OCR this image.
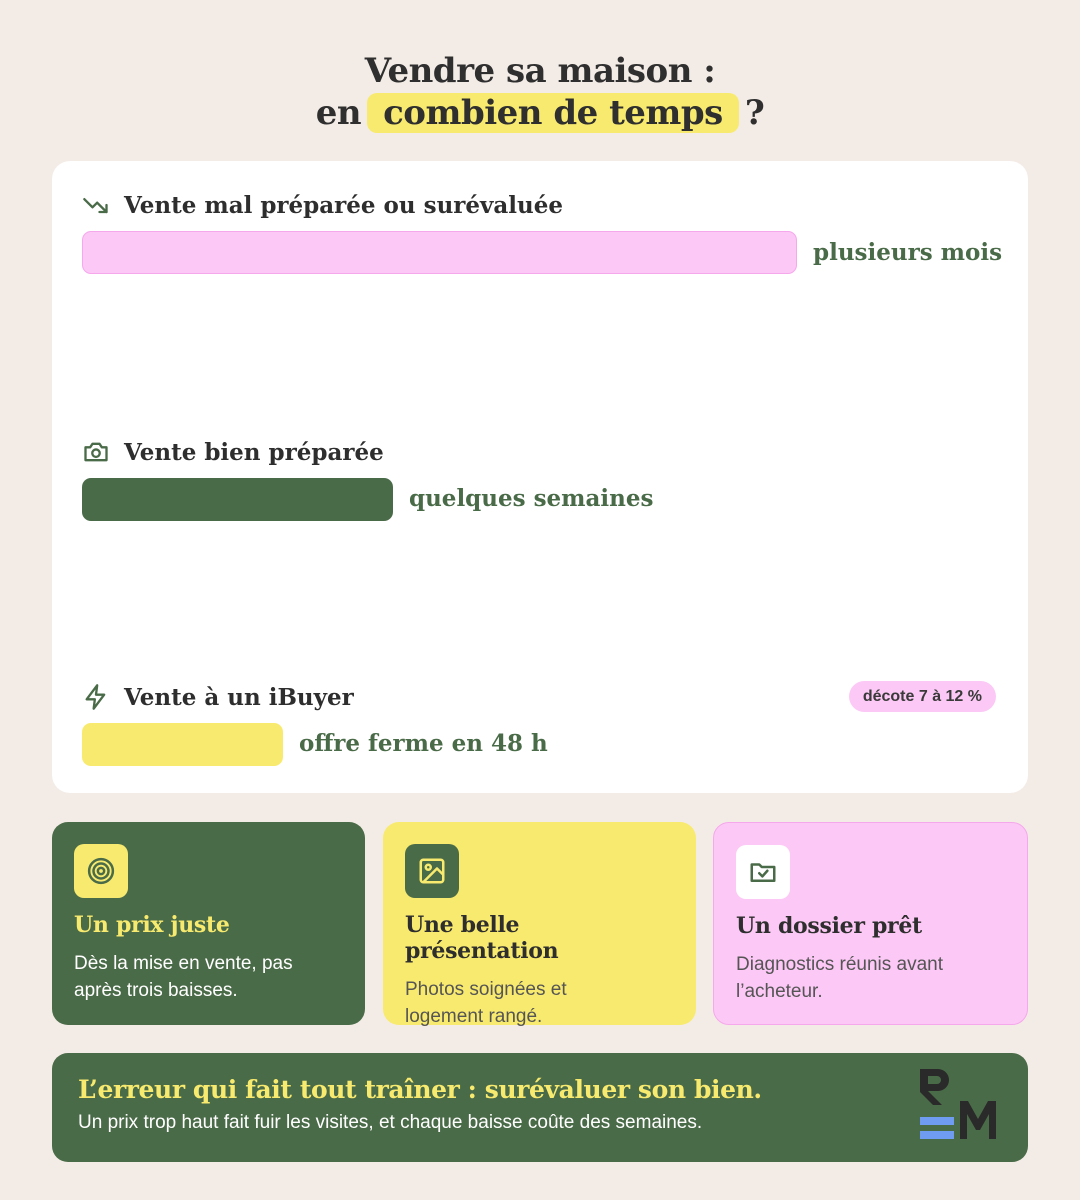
Vendre sa maison :
en combien de temps ?
Vente mal préparée ou surévaluée
plusieurs mois
Vente bien préparée
quelques semaines
Vente à un iBuyer	décote 7 à 12 %
offre ferme en 48 h
Un prix juste
Dès la mise en vente, pas
après trois baisses.
Une belle présentation
Photos soignées et
logement rangé.
Un dossier prêt
Diagnostics réunis avant
l’acheteur.
L’erreur qui fait tout traîner : surévaluer son bien.
Un prix trop haut fait fuir les visites, et chaque baisse coûte des semaines.
